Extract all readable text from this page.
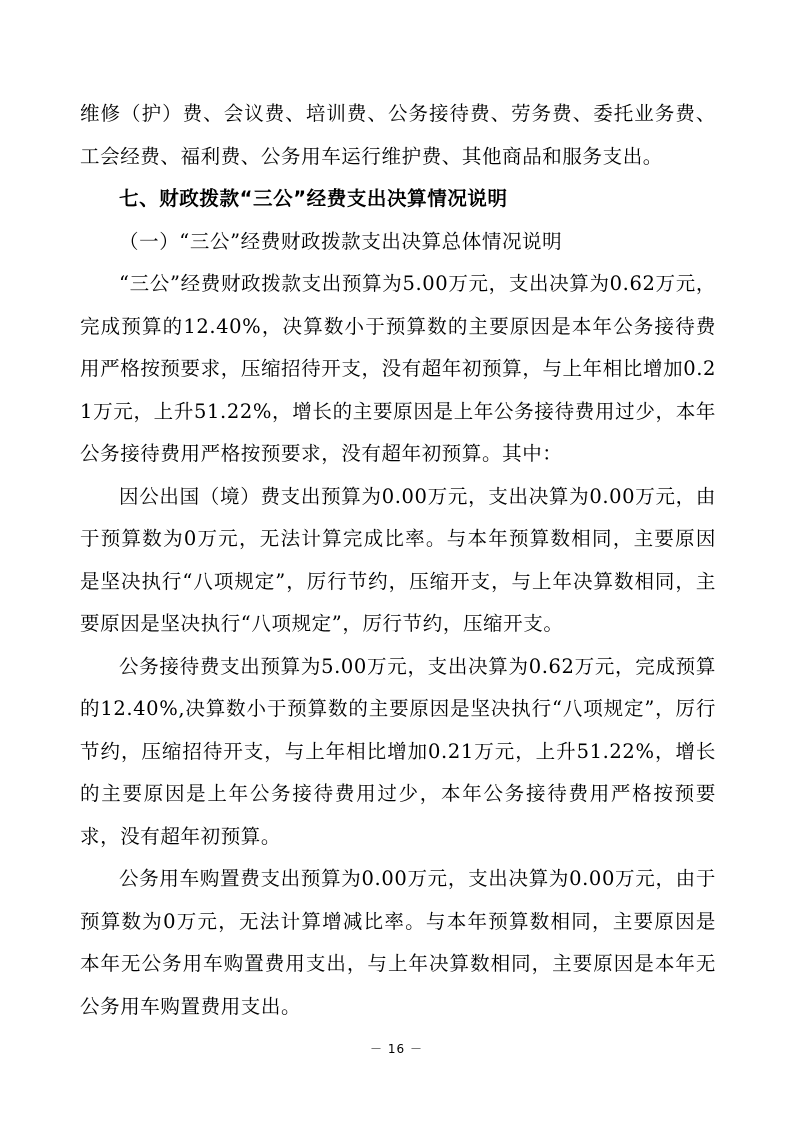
维修（护）费、会议费、培训费、公务接待费、劳务费、委托业务费、工会经费、福利费、公务用车运行维护费、其他商品和服务支出。

七、财政拨款“三公”经费支出决算情况说明

（一）“三公”经费财政拨款支出决算总体情况说明

“三公”经费财政拨款支出预算为5.00万元，支出决算为0.62万元，完成预算的12.40%，决算数小于预算数的主要原因是本年公务接待费用严格按预要求，压缩招待开支，没有超年初预算，与上年相比增加0.21万元，上升51.22%，增长的主要原因是上年公务接待费用过少，本年公务接待费用严格按预要求，没有超年初预算。其中：

因公出国（境）费支出预算为0.00万元，支出决算为0.00万元，由于预算数为0万元，无法计算完成比率。与本年预算数相同，主要原因是坚决执行“八项规定”，厉行节约，压缩开支，与上年决算数相同，主要原因是坚决执行“八项规定”，厉行节约，压缩开支。

公务接待费支出预算为5.00万元，支出决算为0.62万元，完成预算的12.40%,决算数小于预算数的主要原因是坚决执行“八项规定”，厉行节约，压缩招待开支，与上年相比增加0.21万元，上升51.22%，增长的主要原因是上年公务接待费用过少，本年公务接待费用严格按预要求，没有超年初预算。

公务用车购置费支出预算为0.00万元，支出决算为0.00万元，由于预算数为0万元，无法计算增减比率。与本年预算数相同，主要原因是本年无公务用车购置费用支出，与上年决算数相同，主要原因是本年无公务用车购置费用支出。

－ 16 －
